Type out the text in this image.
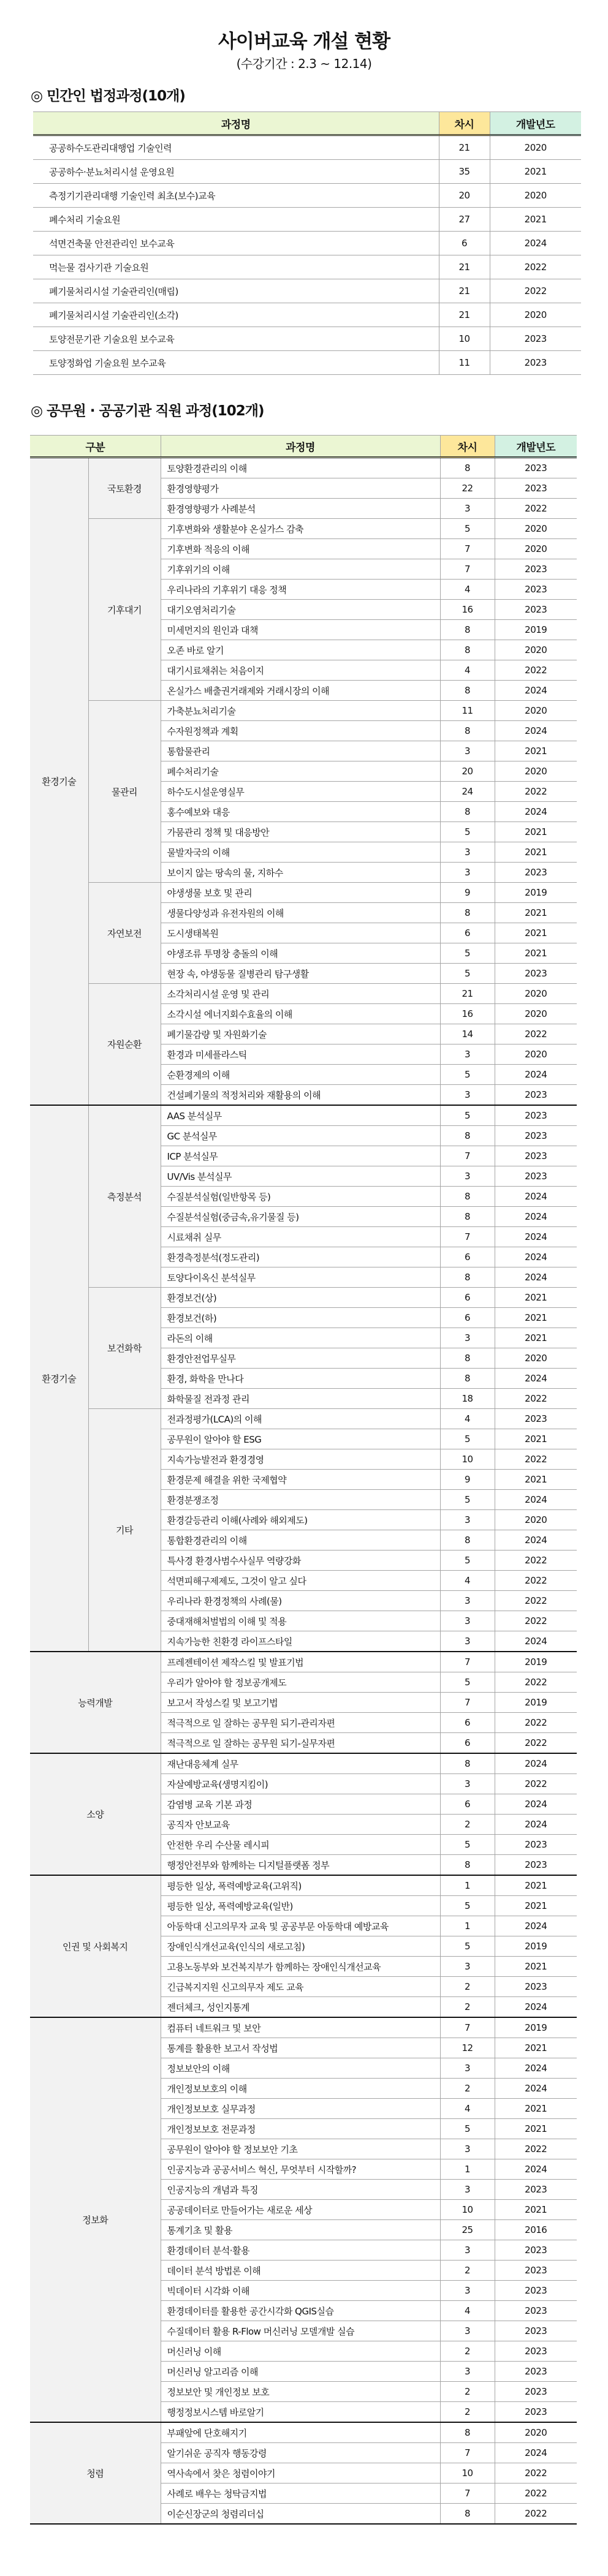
사이버교육 개설 현황
(수강기간 : 2.3 ~ 12.14)
◎ 민간인 법정과정(10개)
과정명	차시	개발년도
공공하수도관리대행업 기술인력	21	2020
공공하수·분뇨처리시설 운영요원	35	2021
측정기기관리대행 기술인력 최초(보수)교육	20	2020
폐수처리 기술요원	27	2021
석면건축물 안전관리인 보수교육	6	2024
먹는물 검사기관 기술요원	21	2022
폐기물처리시설 기술관리인(매립)	21	2022
폐기물처리시설 기술관리인(소각)	21	2020
토양전문기관 기술요원 보수교육	10	2023
토양정화업 기술요원 보수교육	11	2023
◎ 공무원 · 공공기관 직원 과정(102개)
구분		과정명	차시	개발년도
환경기술	국토환경	토양환경관리의 이해	8	2023
		환경영향평가	22	2023
		환경영향평가 사례분석	3	2022
	기후대기	기후변화와 생활분야 온실가스 감축	5	2020
		기후변화 적응의 이해	7	2020
		기후위기의 이해	7	2023
		우리나라의 기후위기 대응 정책	4	2023
		대기오염처리기술	16	2023
		미세먼지의 원인과 대책	8	2019
		오존 바로 알기	8	2020
		대기시료채취는 처음이지	4	2022
		온실가스 배출권거래제와 거래시장의 이해	8	2024
	물관리	가축분뇨처리기술	11	2020
		수자원정책과 계획	8	2024
		통합물관리	3	2021
		폐수처리기술	20	2020
		하수도시설운영실무	24	2022
		홍수예보와 대응	8	2024
		가뭄관리 정책 및 대응방안	5	2021
		물발자국의 이해	3	2021
		보이지 않는 땅속의 물, 지하수	3	2023
	자연보전	야생생물 보호 및 관리	9	2019
		생물다양성과 유전자원의 이해	8	2021
		도시생태복원	6	2021
		야생조류 투명창 충돌의 이해	5	2021
		현장 속, 야생동물 질병관리 탐구생활	5	2023
	자원순환	소각처리시설 운영 및 관리	21	2020
		소각시설 에너지회수효율의 이해	16	2020
		폐기물감량 및 자원화기술	14	2022
		환경과 미세플라스틱	3	2020
		순환경제의 이해	5	2024
		건설폐기물의 적정처리와 재활용의 이해	3	2023
환경기술	측정분석	AAS 분석실무	5	2023
		GC 분석실무	8	2023
		ICP 분석실무	7	2023
		UV/Vis 분석실무	3	2023
		수질분석실험(일반항목 등)	8	2024
		수질분석실험(중금속,유기물질 등)	8	2024
		시료채취 실무	7	2024
		환경측정분석(정도관리)	6	2024
		토양다이옥신 분석실무	8	2024
	보건화학	환경보건(상)	6	2021
		환경보건(하)	6	2021
		라돈의 이해	3	2021
		환경안전업무실무	8	2020
		환경, 화학을 만나다	8	2024
		화학물질 전과정 관리	18	2022
	기타	전과정평가(LCA)의 이해	4	2023
		공무원이 알아야 할 ESG	5	2021
		지속가능발전과 환경경영	10	2022
		환경문제 해결을 위한 국제협약	9	2021
		환경분쟁조정	5	2024
		환경갈등관리 이해(사례와 해외제도)	3	2020
		통합환경관리의 이해	8	2024
		특사경 환경사범수사실무 역량강화	5	2022
		석면피해구제제도, 그것이 알고 싶다	4	2022
		우리나라 환경정책의 사례(물)	3	2022
		중대재해처벌법의 이해 및 적용	3	2022
		지속가능한 친환경 라이프스타일	3	2024
능력개발		프레젠테이션 제작스킬 및 발표기법	7	2019
		우리가 알아야 할 정보공개제도	5	2022
		보고서 작성스킬 및 보고기법	7	2019
		적극적으로 일 잘하는 공무원 되기-관리자편	6	2022
		적극적으로 일 잘하는 공무원 되기-실무자편	6	2022
소양		재난대응체계 실무	8	2024
		자살예방교육(생명지킴이)	3	2022
		감염병 교육 기본 과정	6	2024
		공직자 안보교육	2	2024
		안전한 우리 수산물 레시피	5	2023
		행정안전부와 함께하는 디지털플랫폼 정부	8	2023
인권 및 사회복지		평등한 일상, 폭력예방교육(고위직)	1	2021
		평등한 일상, 폭력예방교육(일반)	5	2021
		아동학대 신고의무자 교육 및 공공부문 아동학대 예방교육	1	2024
		장애인식개선교육(인식의 새로고침)	5	2019
		고용노동부와 보건복지부가 함께하는 장애인식개선교육	3	2021
		긴급복지지원 신고의무자 제도 교육	2	2023
		젠더체크, 성인지통계	2	2024
정보화		컴퓨터 네트워크 및 보안	7	2019
		통계를 활용한 보고서 작성법	12	2021
		정보보안의 이해	3	2024
		개인정보보호의 이해	2	2024
		개인정보보호 실무과정	4	2021
		개인정보보호 전문과정	5	2021
		공무원이 알아야 할 정보보안 기초	3	2022
		인공지능과 공공서비스 혁신, 무엇부터 시작할까?	1	2024
		인공지능의 개념과 특징	3	2023
		공공데이터로 만들어가는 새로운 세상	10	2021
		통계기초 및 활용	25	2016
		환경데이터 분석·활용	3	2023
		데이터 분석 방법론 이해	2	2023
		빅데이터 시각화 이해	3	2023
		환경데이터를 활용한 공간시각화 QGIS실습	4	2023
		수질데이터 활용 R-Flow 머신러닝 모델개발 실습	3	2023
		머신러닝 이해	2	2023
		머신러닝 알고리즘 이해	3	2023
		정보보안 및 개인정보 보호	2	2023
		행정정보시스템 바로알기	2	2023
청렴		부패앞에 단호해지기	8	2020
		알기쉬운 공직자 행동강령	7	2024
		역사속에서 찾은 청렴이야기	10	2022
		사례로 배우는 청탁금지법	7	2022
		이순신장군의 청렴리더십	8	2022
